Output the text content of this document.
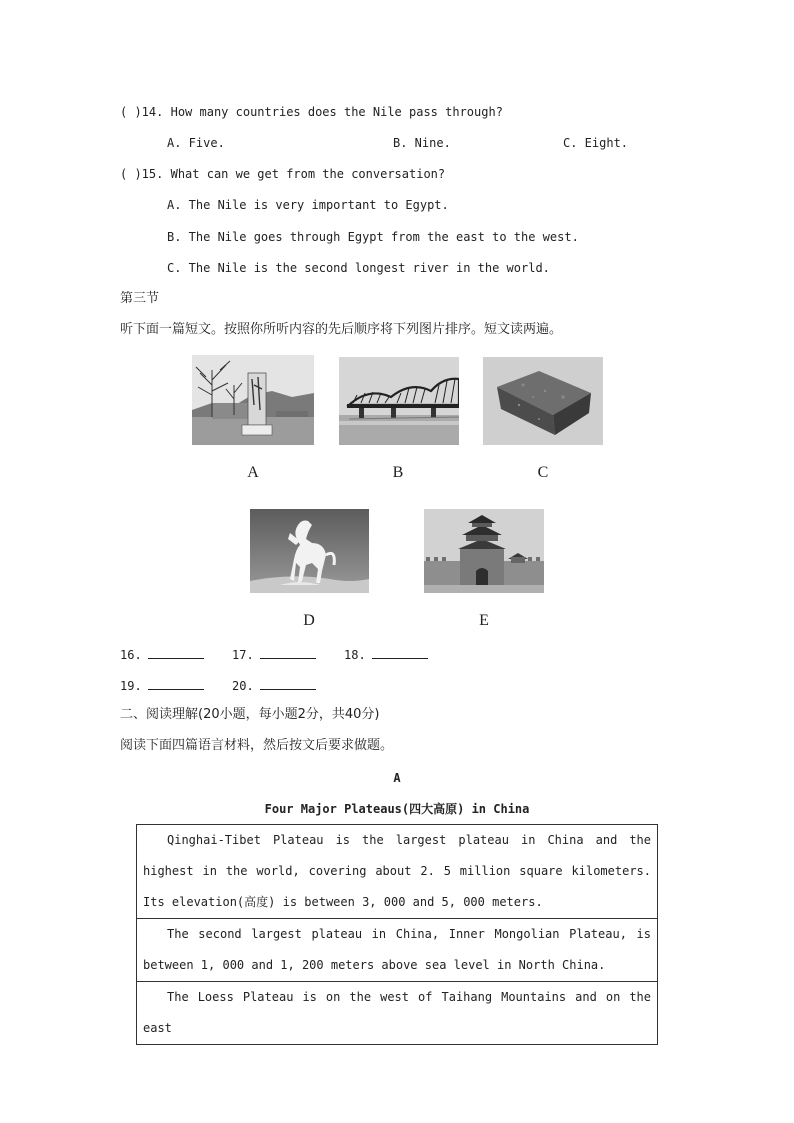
( )14. How many countries does the Nile pass through?
A. Five.	B. Nine.	C. Eight.
( )15. What can we get from the conversation?
A. The Nile is very important to Egypt.
B. The Nile goes through Egypt from the east to the west.
C. The Nile is the second longest river in the world.
第三节
听下面一篇短文。按照你所听内容的先后顺序将下列图片排序。短文读两遍。
A	B	C
D	E
16.	17.	18.
19.	20.
二、阅读理解(20小题，每小题2分，共40分)
阅读下面四篇语言材料，然后按文后要求做题。
A
Four Major Plateaus(四大高原) in China
Qinghai-Tibet Plateau is the largest plateau in China and the highest in the world, covering about 2. 5 million square kilometers. Its elevation(高度) is between 3, 000 and 5, 000 meters.
The second largest plateau in China, Inner Mongolian Plateau, is between 1, 000 and 1, 200 meters above sea level in North China.
The Loess Plateau is on the west of Taihang Mountains and on the east
